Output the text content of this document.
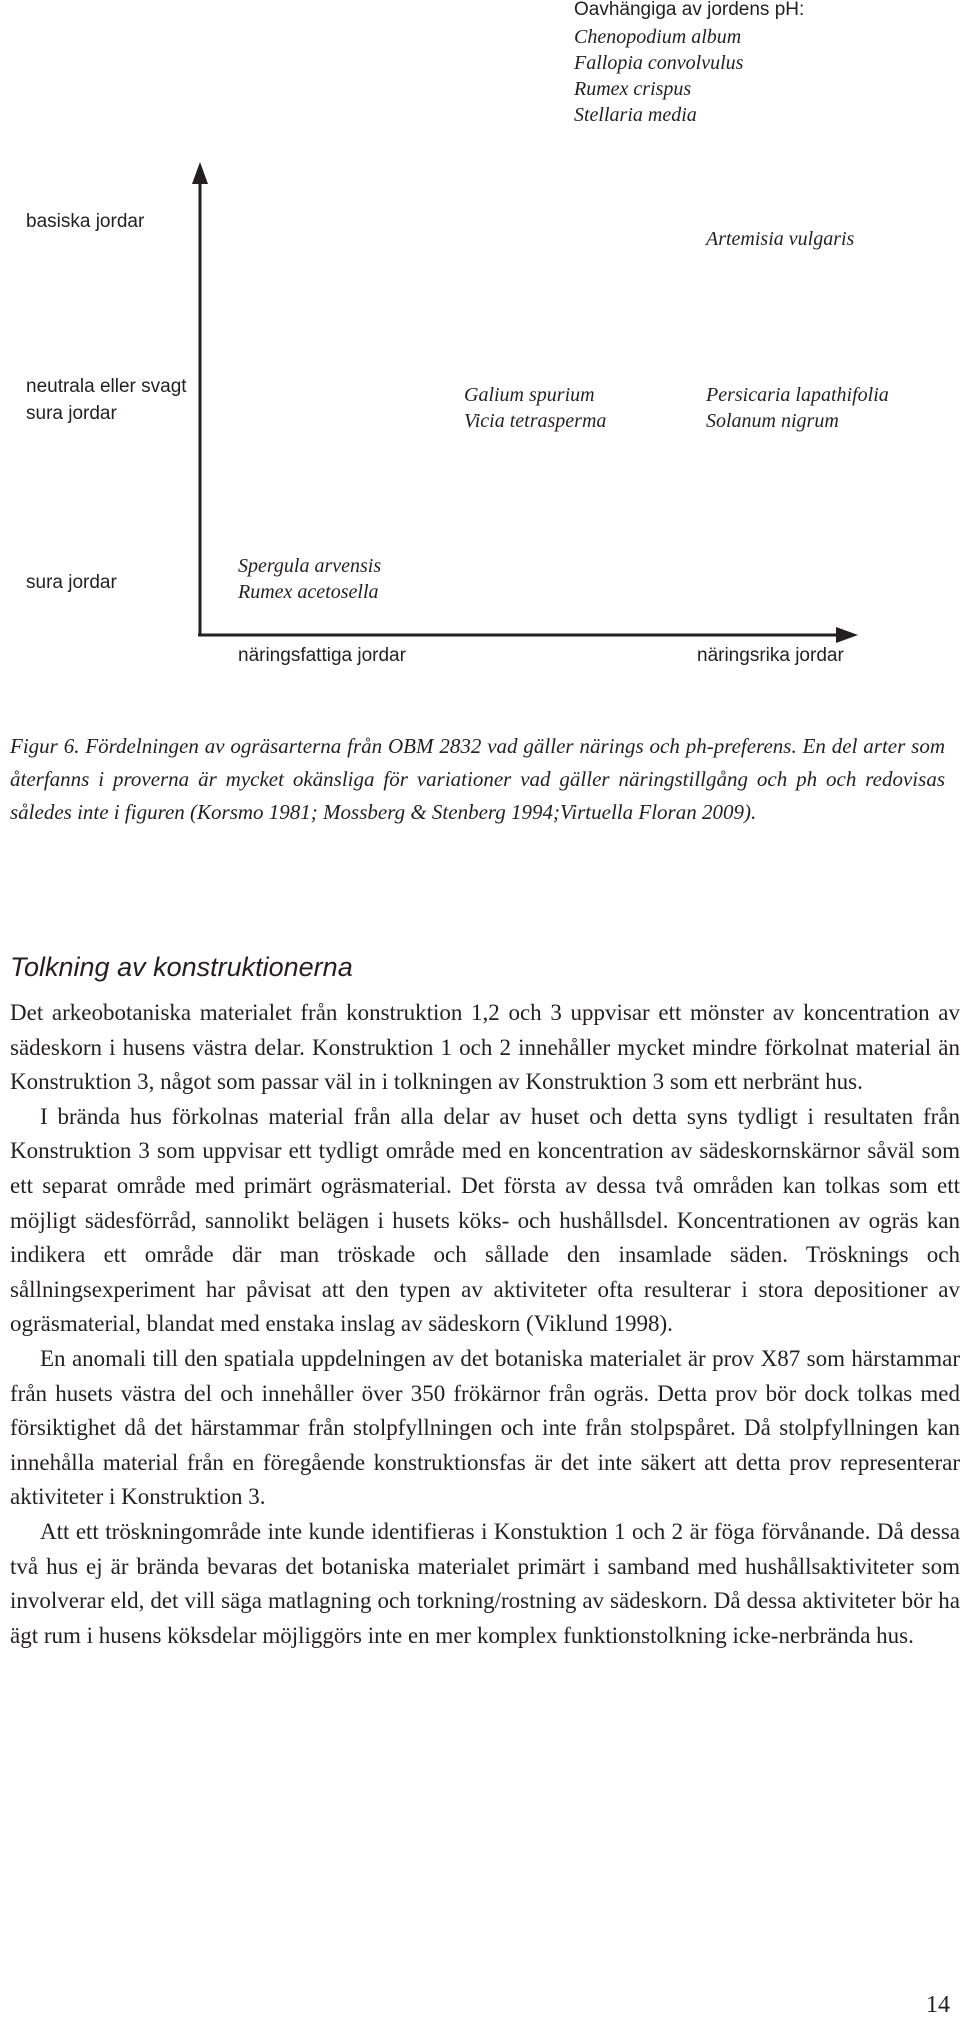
basiska jordar
neutrala eller svagt
sura jordar
sura jordar
näringsfattiga jordar	näringsrika jordar
Oavhängiga av jordens pH:
Chenopodium album
Fallopia convolvulus
Rumex crispus
Stellaria media
Artemisia vulgaris
Galium spurium
Vicia tetrasperma
Persicaria lapathifolia
Solanum nigrum
Spergula arvensis
Rumex acetosella
Figur 6. Fördelningen av ogräsarterna från OBM 2832 vad gäller närings och ph-preferens. En del arter som återfanns i proverna är mycket okänsliga för variationer vad gäller näringstillgång och ph och redovisas således inte i figuren (Korsmo 1981; Mossberg & Stenberg 1994;Virtuella Floran 2009).
Tolkning av konstruktionerna

Det arkeobotaniska materialet från konstruktion 1,2 och 3 uppvisar ett mönster av koncentration av sädeskorn i husens västra delar. Konstruktion 1 och 2 innehåller mycket mindre förkolnat material än Konstruktion 3, något som passar väl in i tolkningen av Konstruktion 3 som ett nerbränt hus.

I brända hus förkolnas material från alla delar av huset och detta syns tydligt i resultaten från Konstruktion 3 som uppvisar ett tydligt område med en koncentration av sädeskornskärnor såväl som ett separat område med primärt ogräsmaterial. Det första av dessa två områden kan tolkas som ett möjligt sädesförråd, sannolikt belägen i husets köks- och hushållsdel. Koncentrationen av ogräs kan indikera ett område där man tröskade och sållade den insamlade säden. Trösknings och sållningsexperiment har påvisat att den typen av aktiviteter ofta resulterar i stora depositioner av ogräsmaterial, blandat med enstaka inslag av sädeskorn (Viklund 1998).

En anomali till den spatiala uppdelningen av det botaniska materialet är prov X87 som härstammar från husets västra del och innehåller över 350 frökärnor från ogräs. Detta prov bör dock tolkas med försiktighet då det härstammar från stolpfyllningen och inte från stolpspåret. Då stolpfyllningen kan innehålla material från en föregående konstruktionsfas är det inte säkert att detta prov representerar aktiviteter i Konstruktion 3.

Att ett tröskningområde inte kunde identifieras i Konstuktion 1 och 2 är föga förvånande. Då dessa två hus ej är brända bevaras det botaniska materialet primärt i samband med hushållsaktiviteter som involverar eld, det vill säga matlagning och torkning/rostning av sädeskorn. Då dessa aktiviteter bör ha ägt rum i husens köksdelar möjliggörs inte en mer komplex funktionstolkning icke-nerbrända hus.

14
